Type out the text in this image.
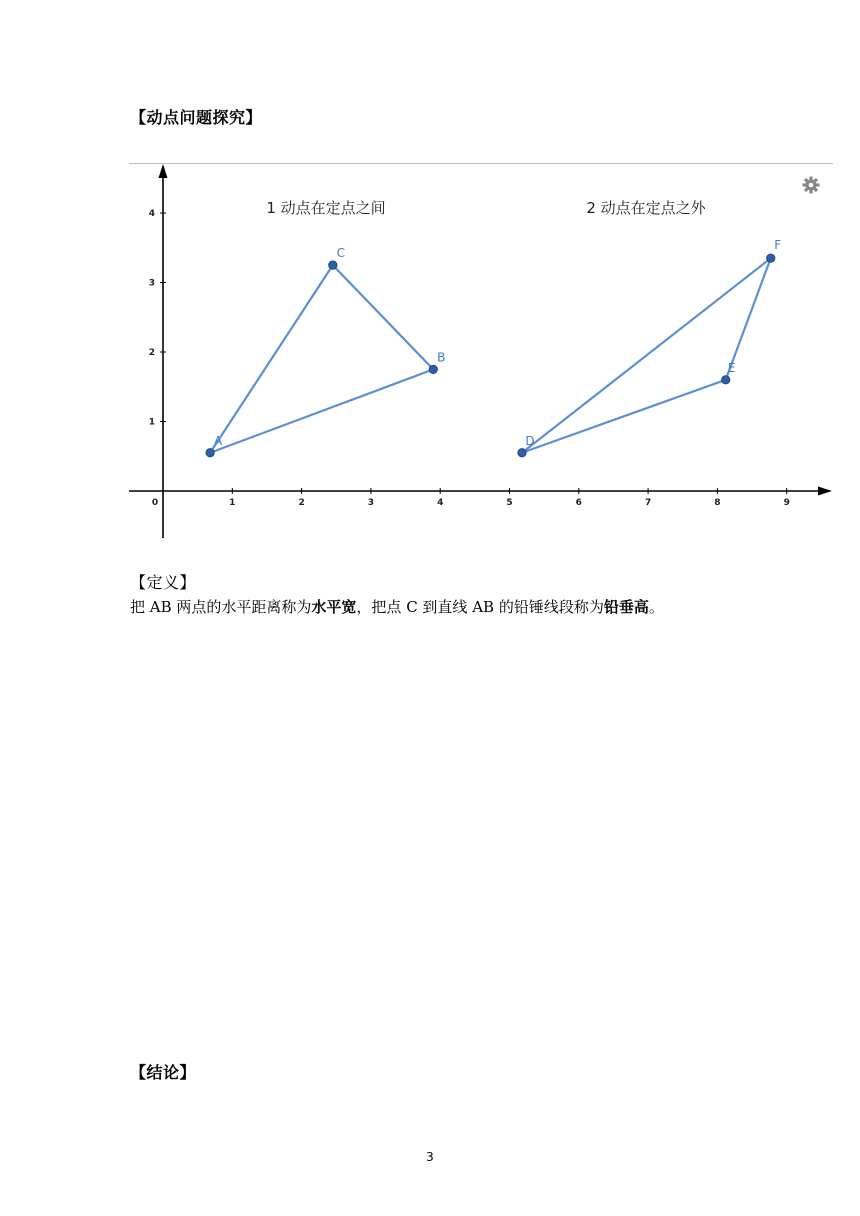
【动点问题探究】
1 动点在定点之间	2 动点在定点之外
0	1	2	3	4	5	6	7	8	9
1
2
3
4
A
B
C
D
E
F
【定义】
把 AB 两点的水平距离称为水平宽，把点 C 到直线 AB 的铅锤线段称为铅垂高。
【结论】
3
